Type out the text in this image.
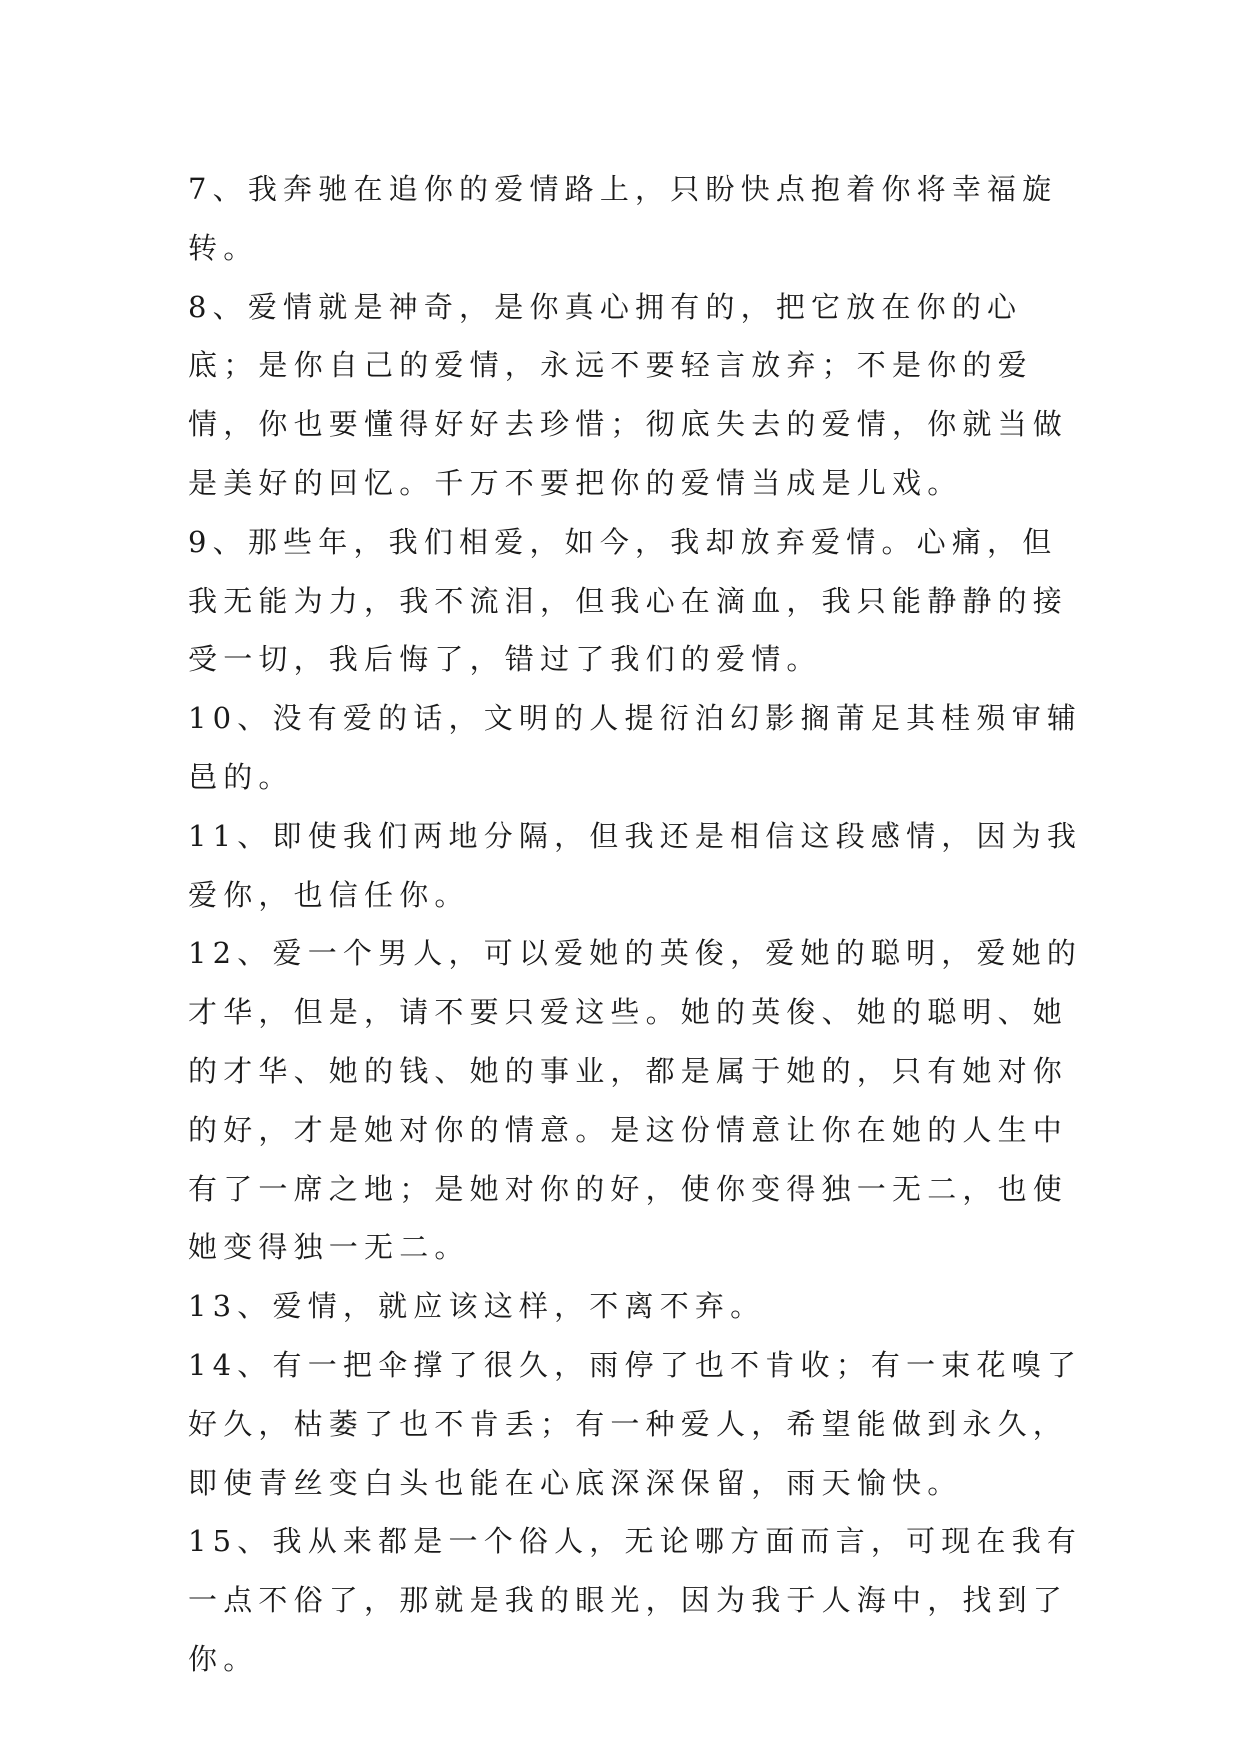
7、我奔驰在追你的爱情路上，只盼快点抱着你将幸福旋转。

8、爱情就是神奇，是你真心拥有的，把它放在你的心底；是你自己的爱情，永远不要轻言放弃；不是你的爱情，你也要懂得好好去珍惜；彻底失去的爱情，你就当做是美好的回忆。千万不要把你的爱情当成是儿戏。

9、那些年，我们相爱，如今，我却放弃爱情。心痛，但我无能为力，我不流泪，但我心在滴血，我只能静静的接受一切，我后悔了，错过了我们的爱情。

10、没有爱的话，文明的人提衍泊幻影搁莆足其桂殒审辅邑的。

11、即使我们两地分隔，但我还是相信这段感情，因为我爱你，也信任你。

12、爱一个男人，可以爱她的英俊，爱她的聪明，爱她的才华，但是，请不要只爱这些。她的英俊、她的聪明、她的才华、她的钱、她的事业，都是属于她的，只有她对你的好，才是她对你的情意。是这份情意让你在她的人生中有了一席之地；是她对你的好，使你变得独一无二，也使她变得独一无二。

13、爱情，就应该这样，不离不弃。

14、有一把伞撑了很久，雨停了也不肯收；有一束花嗅了好久，枯萎了也不肯丢；有一种爱人，希望能做到永久，即使青丝变白头也能在心底深深保留，雨天愉快。

15、我从来都是一个俗人，无论哪方面而言，可现在我有一点不俗了，那就是我的眼光，因为我于人海中，找到了你。
